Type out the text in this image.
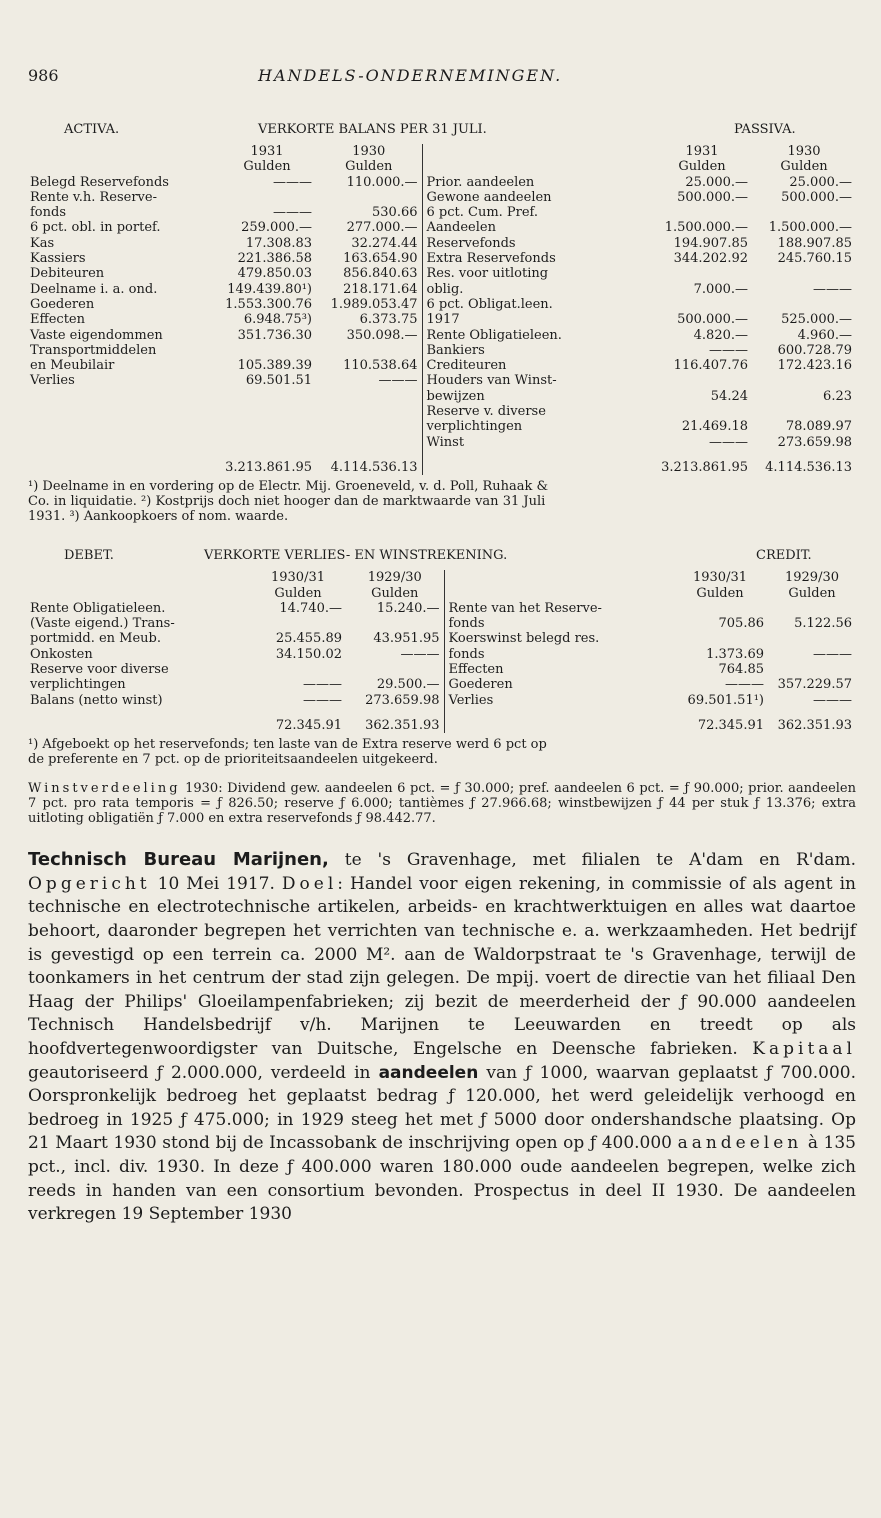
986	HANDELS-ONDERNEMINGEN.
ACTIVA.	VERKORTE BALANS PER 31 JULI.	PASSIVA.
	1931	1930		1931	1930
	Gulden	Gulden		Gulden	Gulden
Belegd Reservefonds	———	110.000.—	Prior. aandeelen	25.000.—	25.000.—
Rente v.h. Reserve-			Gewone aandeelen	500.000.—	500.000.—
fonds	———	530.66	6 pct. Cum. Pref.		
6 pct. obl. in portef.	259.000.—	277.000.—	Aandeelen	1.500.000.—	1.500.000.—
Kas	17.308.83	32.274.44	Reservefonds	194.907.85	188.907.85
Kassiers	221.386.58	163.654.90	Extra Reservefonds	344.202.92	245.760.15
Debiteuren	479.850.03	856.840.63	Res. voor uitloting		
Deelname i. a. ond.	149.439.80¹)	218.171.64	oblig.	7.000.—	———
Goederen	1.553.300.76	1.989.053.47	6 pct. Obligat.leen.		
Effecten	6.948.75³)	6.373.75	1917	500.000.—	525.000.—
Vaste eigendommen	351.736.30	350.098.—	Rente Obligatieleen.	4.820.—	4.960.—
Transportmiddelen			Bankiers	———	600.728.79
en Meubilair	105.389.39	110.538.64	Crediteuren	116.407.76	172.423.16
Verlies	69.501.51	———	Houders van Winst-		
			bewijzen	54.24	6.23
			Reserve v. diverse		
			verplichtingen	21.469.18	78.089.97
			Winst	———	273.659.98
	3.213.861.95	4.114.536.13		3.213.861.95	4.114.536.13

¹) Deelname in en vordering op de Electr. Mij. Groeneveld, v. d. Poll, Ruhaak &

Co. in liquidatie. ²) Kostprijs doch niet hooger dan de marktwaarde van 31 Juli

1931. ³) Aankoopkoers of nom. waarde.

DEBET.	VERKORTE VERLIES- EN WINSTREKENING.	CREDIT.
	1930/31	1929/30		1930/31	1929/30
	Gulden	Gulden		Gulden	Gulden
Rente Obligatieleen.	14.740.—	15.240.—	Rente van het Reserve-		
(Vaste eigend.) Trans-			fonds	705.86	5.122.56
portmidd. en Meub.	25.455.89	43.951.95	Koerswinst belegd res.		
Onkosten	34.150.02	———	fonds	1.373.69	———
Reserve voor diverse			Effecten	764.85	
verplichtingen	———	29.500.—	Goederen	———	357.229.57
Balans (netto winst)	———	273.659.98	Verlies	69.501.51¹)	———
	72.345.91	362.351.93		72.345.91	362.351.93

¹) Afgeboekt op het reservefonds; ten laste van de Extra reserve werd 6 pct op

de preferente en 7 pct. op de prioriteitsaandeelen uitgekeerd.

Winstverdeeling 1930: Dividend gew. aandeelen 6 pct. = ƒ 30.000; pref. aandeelen 6 pct. = ƒ 90.000; prior. aandeelen 7 pct. pro rata temporis = ƒ 826.50; reserve ƒ 6.000; tantièmes ƒ 27.966.68; winstbewijzen ƒ 44 per stuk ƒ 13.376; extra uitloting obligatiën ƒ 7.000 en extra reservefonds ƒ 98.442.77.
Technisch Bureau Marijnen, te 's Gravenhage, met filialen te A'dam en R'dam. Opgericht 10 Mei 1917. Doel: Handel voor eigen rekening, in commissie of als agent in technische en electrotechnische artikelen, arbeids- en krachtwerktuigen en alles wat daartoe behoort, daaronder begrepen het verrichten van technische e. a. werkzaamheden. Het bedrijf is gevestigd op een terrein ca. 2000 M². aan de Waldorpstraat te 's Gravenhage, terwijl de toonkamers in het centrum der stad zijn gelegen. De mpij. voert de directie van het filiaal Den Haag der Philips' Gloeilampenfabrieken; zij bezit de meerderheid der ƒ 90.000 aandeelen Technisch Handelsbedrijf v/h. Marijnen te Leeuwarden en treedt op als hoofdvertegenwoordigster van Duitsche, Engelsche en Deensche fabrieken. Kapitaal geautoriseerd ƒ 2.000.000, verdeeld in aandeelen van ƒ 1000, waarvan geplaatst ƒ 700.000. Oorspronkelijk bedroeg het geplaatst bedrag ƒ 120.000, het werd geleidelijk verhoogd en bedroeg in 1925 ƒ 475.000; in 1929 steeg het met ƒ 5000 door ondershandsche plaatsing. Op 21 Maart 1930 stond bij de Incassobank de inschrijving open op ƒ 400.000 aandeelen à 135 pct., incl. div. 1930. In deze ƒ 400.000 waren 180.000 oude aandeelen begrepen, welke zich reeds in handen van een consortium bevonden. Prospectus in deel II 1930. De aandeelen verkregen 19 September 1930
